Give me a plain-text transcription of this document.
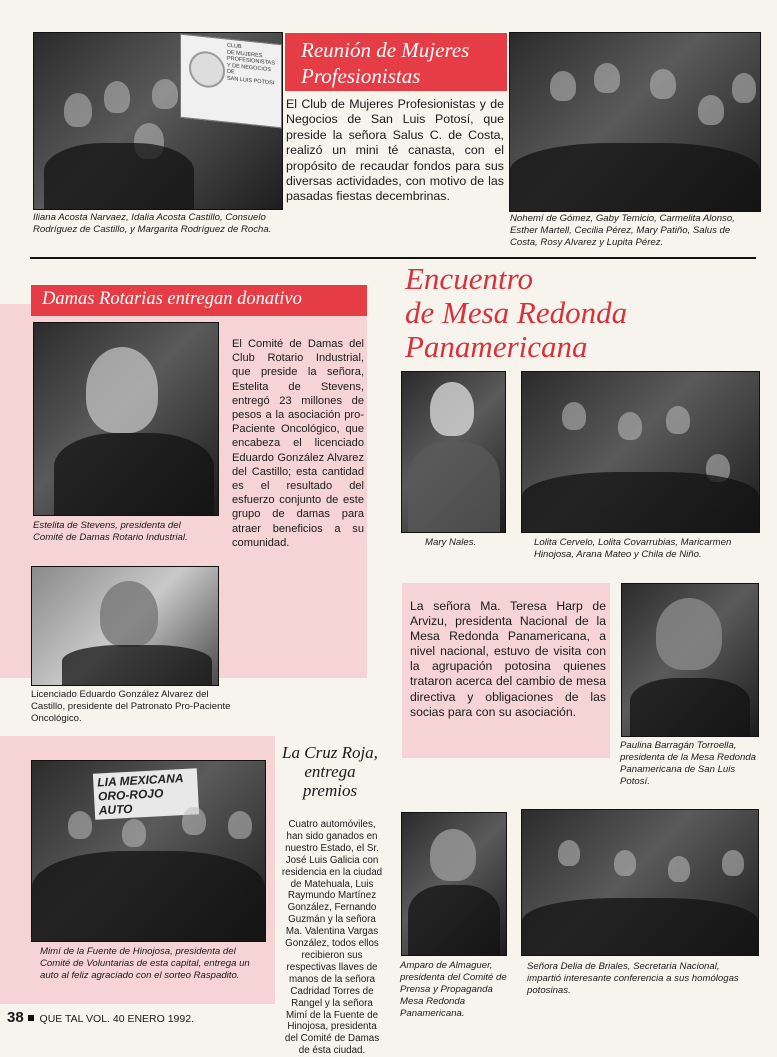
CLUB
DE MUJERES
PROFESIONISTAS
Y DE NEGOCIOS
DE
SAN LUIS POTOSI
Reunión de Mujeres
Profesionistas
El Club de Mujeres Profesionistas y de Negocios de San Luis Potosí, que preside la señora Salus C. de Costa, realizó un mini té canasta, con el propósito de recaudar fondos para sus diversas actividades, con motivo de las pasadas fiestas decembrinas.
Iliana Acosta Narvaez, Idalia Acosta Castillo, Consuelo Rodríguez de Castillo, y Margarita Rodríguez de Rocha.
Nohemí de Gómez, Gaby Temicio, Carmelita Alonso, Esther Martell, Cecilia Pérez, Mary Patiño, Salus de Costa, Rosy Alvarez y Lupita Pérez.
Damas Rotarias entregan donativo
El Comité de Damas del Club Rotario Industrial, que preside la señora, Estelita de Stevens, entregó 23 millones de pesos a la asociación pro-Paciente Oncológico, que encabeza el licenciado Eduardo González Alvarez del Castillo; esta cantidad es el resultado del esfuerzo conjunto de este grupo de damas para atraer beneficios a su comunidad.
Estelita de Stevens, presidenta del Comité de Damas Rotario Industrial.
Licenciado Eduardo González Alvarez del Castillo, presidente del Patronato Pro-Paciente Oncológico.
La Cruz Roja,
entrega
premios
LIA MEXICANA
ORO-ROJO AUTO
Cuatro automóviles, han sido ganados en nuestro Estado, el Sr. José Luis Galicia con residencia en la ciudad de Matehuala, Luis Raymundo Martínez González, Fernando Guzmán y la señora Ma. Valentina Vargas González, todos ellos recibieron sus respectivas llaves de manos de la señora Cadridad Torres de Rangel y la señora Mimí de la Fuente de Hinojosa, presidenta del Comité de Damas de ésta ciudad.
Mimí de la Fuente de Hinojosa, presidenta del Comité de Voluntarias de esta capital, entrega un auto al feliz agraciado con el sorteo Raspadito.
Encuentro
de Mesa Redonda
Panamericana
Mary Nales.	Lolita Cervelo, Lolita Covarrubias, Maricarmen Hinojosa, Arana Mateo y Chila de Niño.
La señora Ma. Teresa Harp de Arvizu, presidenta Nacional de la Mesa Redonda Panamericana, a nivel nacional, estuvo de visita con la agrupación potosina quienes trataron acerca del cambio de mesa directiva y obligaciones de las socias para con su asociación.
Paulina Barragán Torroella, presidenta de la Mesa Redonda Panamericana de San Luis Potosí.
Amparo de Almaguer, presidenta del Comité de Prensa y Propaganda Mesa Redonda Panamericana.
Señora Delia de Briales, Secretaria Nacional, impartió interesante conferencia a sus homólogas potosinas.
38 QUE TAL VOL. 40 ENERO 1992.
